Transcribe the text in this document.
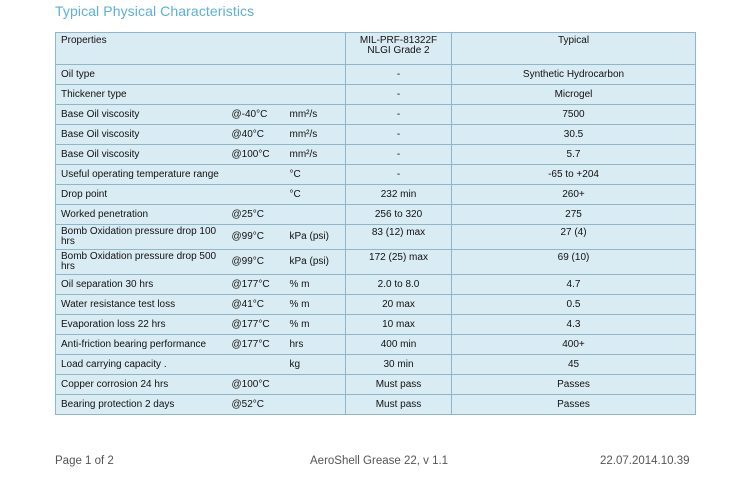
Typical Physical Characteristics
Properties			MIL-PRF-81322F NLGI Grade 2	Typical
Oil type			-	Synthetic Hydrocarbon
Thickener type			-	Microgel
Base Oil viscosity	@-40°C	mm²/s	-	7500
Base Oil viscosity	@40°C	mm²/s	-	30.5
Base Oil viscosity	@100°C	mm²/s	-	5.7
Useful operating temperature range		°C	-	-65 to +204
Drop point		°C	232 min	260+
Worked penetration	@25°C		256 to 320	275
Bomb Oxidation pressure drop 100 hrs	@99°C	kPa (psi)	83 (12) max	27 (4)
Bomb Oxidation pressure drop 500 hrs	@99°C	kPa (psi)	172 (25) max	69 (10)
Oil separation 30 hrs	@177°C	% m	2.0 to 8.0	4.7
Water resistance test loss	@41°C	% m	20 max	0.5
Evaporation loss 22 hrs	@177°C	% m	10 max	4.3
Anti-friction bearing performance	@177°C	hrs	400 min	400+
Load carrying capacity .		kg	30 min	45
Copper corrosion 24 hrs	@100°C		Must pass	Passes
Bearing protection 2 days	@52°C		Must pass	Passes
Page 1 of 2	AeroShell Grease 22, v 1.1	22.07.2014.10.39
